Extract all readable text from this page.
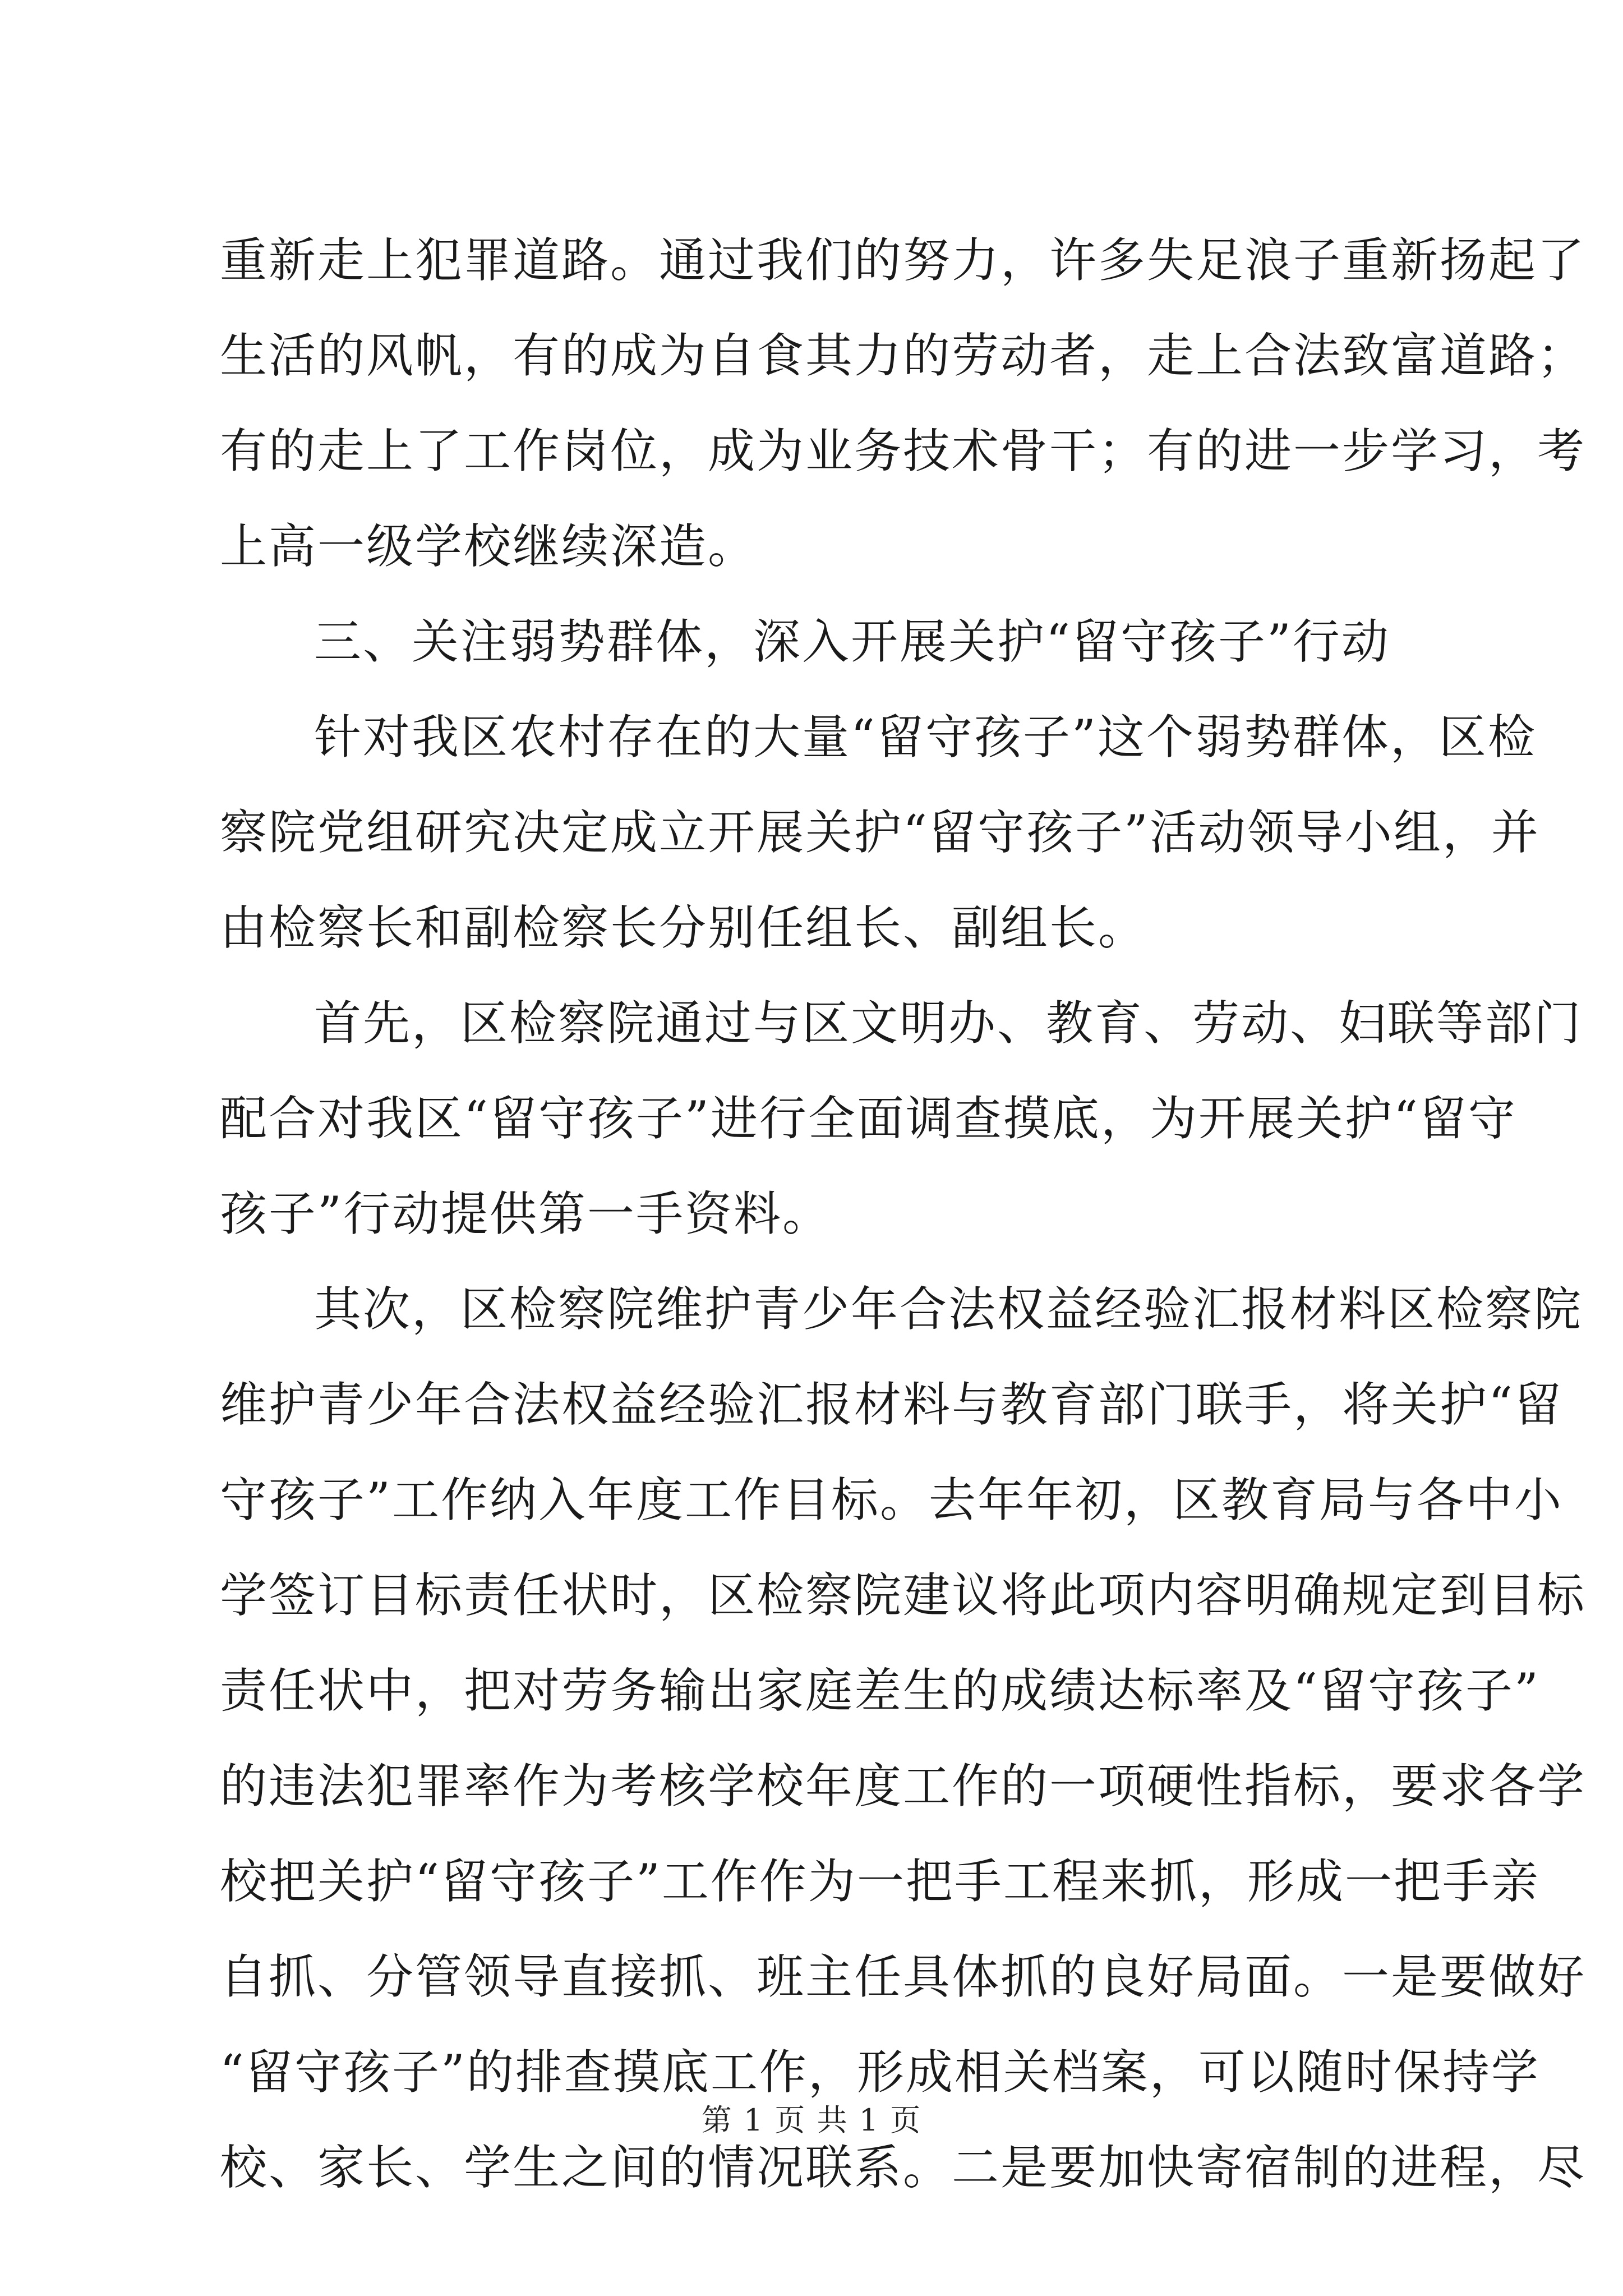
重新走上犯罪道路。通过我们的努力，许多失足浪子重新扬起了
生活的风帆，有的成为自食其力的劳动者，走上合法致富道路；
有的走上了工作岗位，成为业务技术骨干；有的进一步学习，考
上高一级学校继续深造。
三、关注弱势群体，深入开展关护“留守孩子”行动
针对我区农村存在的大量“留守孩子”这个弱势群体，区检
察院党组研究决定成立开展关护“留守孩子”活动领导小组，并
由检察长和副检察长分别任组长、副组长。
首先，区检察院通过与区文明办、教育、劳动、妇联等部门
配合对我区“留守孩子”进行全面调查摸底，为开展关护“留守
孩子”行动提供第一手资料。
其次，区检察院维护青少年合法权益经验汇报材料区检察院
维护青少年合法权益经验汇报材料与教育部门联手，将关护“留
守孩子”工作纳入年度工作目标。去年年初，区教育局与各中小
学签订目标责任状时，区检察院建议将此项内容明确规定到目标
责任状中，把对劳务输出家庭差生的成绩达标率及“留守孩子”
的违法犯罪率作为考核学校年度工作的一项硬性指标，要求各学
校把关护“留守孩子”工作作为一把手工程来抓，形成一把手亲
自抓、分管领导直接抓、班主任具体抓的良好局面。一是要做好
“留守孩子”的排查摸底工作，形成相关档案，可以随时保持学
校、家长、学生之间的情况联系。二是要加快寄宿制的进程，尽
第 1 页 共 1 页
